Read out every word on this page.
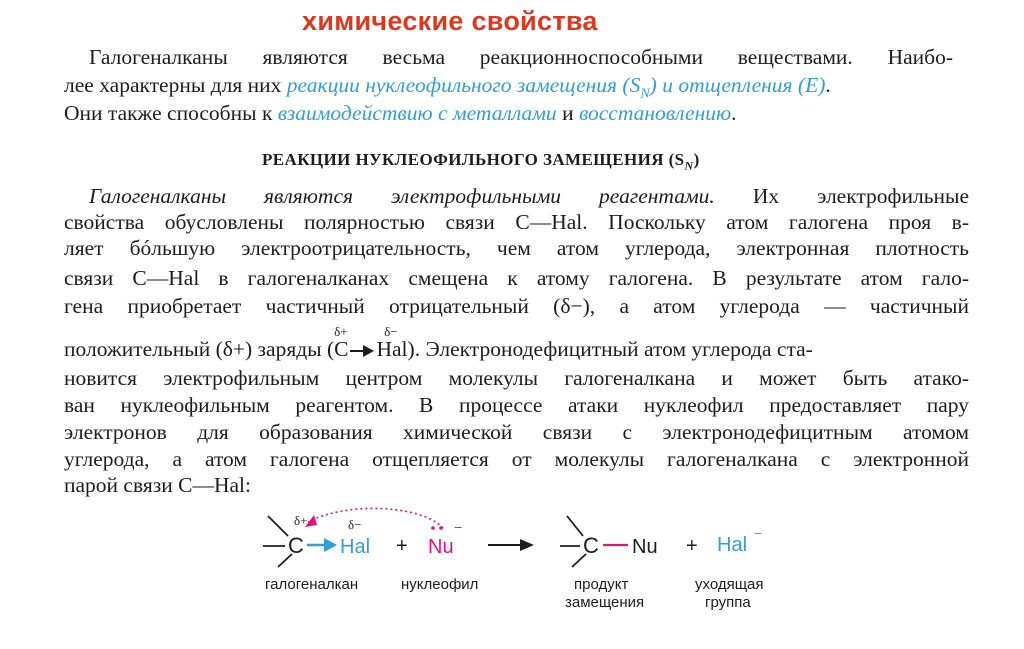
химические свойства
Галогеналканы являются весьма реакционноспособными веществами. Наибо-
лее характерны для них реакции нуклеофильного замещения $(S_N)$ и отщепления (E).
Они также способны к взаимодействию с металлами и восстановлению.
РЕАКЦИИ НУКЛЕОФИЛЬНОГО ЗАМЕЩЕНИЯ $(S_N)$
Галогеналканы являются электрофильными реагентами. Их электрофильные
свойства обусловлены полярностью связи C—Hal. Поскольку атом галогена проя в-
ляет бóльшую электроотрицательность, чем атом углерода, электронная плотность
связи C—Hal в галогеналканах смещена к атому галогена. В результате атом гало-
гена приобретает частичный отрицательный (δ−), а атом углерода — частичный
положительный (δ+) заряды (
δ+	δ−
C Hal). Электронодефицитный атом углерода ста-
новится электрофильным центром молекулы галогеналкана и может быть атако-
ван нуклеофильным реагентом. В процессе атаки нуклеофил предоставляет пару
электронов для образования химической связи с электронодефицитным атомом
углерода, а атом галогена отщепляется от молекулы галогеналкана с электронной
парой связи C—Hal:
C
δ+	δ−
Hal + Nu
−
C Nu + Hal
−
галогеналкан	нуклеофил	продукт
замещения
уходящая
группа
